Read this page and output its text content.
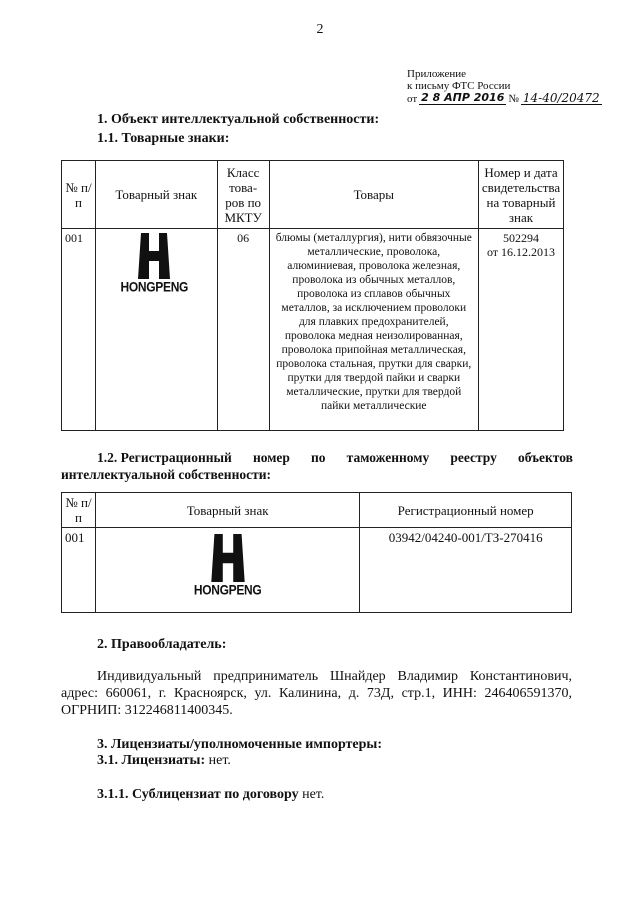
2
Приложение
к письму ФТС России
от 2 8 АПР 2016 № 14-40/20472
1. Объект интеллектуальной собственности:
1.1. Товарные знаки:
№ п/п	Товарный знак	Класс това-ров по МКТУ	Товары	Номер и дата свидетельства на товарный знак
001	HONGPENG	06	блюмы (металлургия), нити обвязочные металлические, проволока, алюминиевая, проволока железная, проволока из обычных металлов, проволока из сплавов обычных металлов, за исключением проволоки для плавких предохранителей, проволока медная неизолированная, проволока припойная металлическая, проволока стальная, прутки для сварки, прутки для твердой пайки и сварки металлические, прутки для твердой пайки металлические	502294
от 16.12.2013
1.2. Регистрационный номер по таможенному реестру объектов
интеллектуальной собственности:
№ п/п	Товарный знак	Регистрационный номер
001	HONGPENG	03942/04240-001/ТЗ-270416
2. Правообладатель:
Индивидуальный предприниматель Шнайдер Владимир Константинович, адрес: 660061, г. Красноярск, ул. Калинина, д. 73Д, стр.1, ИНН: 246406591370, ОГРНИП: 312246811400345.
3. Лицензиаты/уполномоченные импортеры:
3.1. Лицензиаты: нет.
3.1.1. Сублицензиат по договору нет.
